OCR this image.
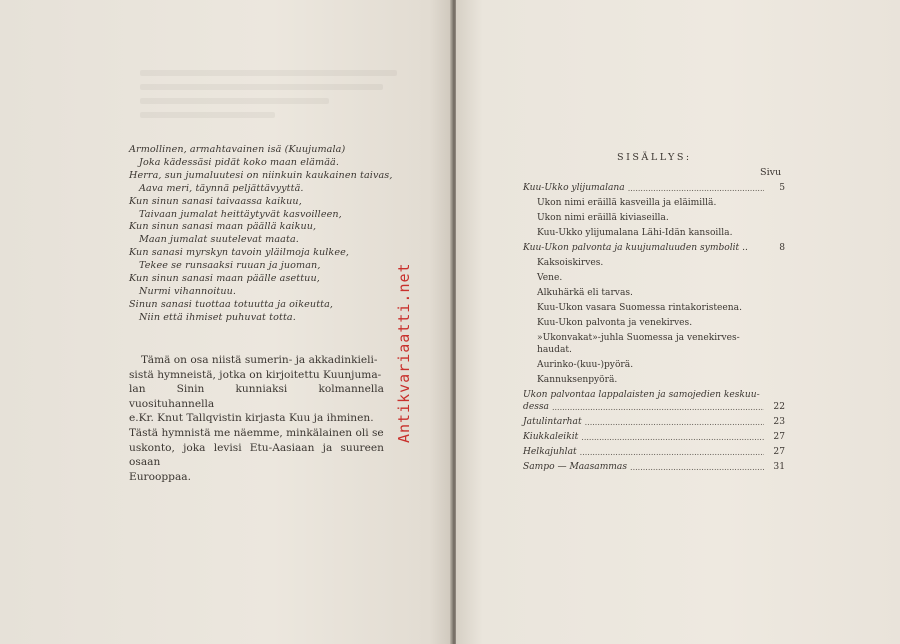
Armollinen, armahtavainen isä (Kuujumala)
Joka kädessäsi pidät koko maan elämää.
Herra, sun jumaluutesi on niinkuin kaukainen taivas,
Aava meri, täynnä peljättävyyttä.
Kun sinun sanasi taivaassa kaikuu,
Taivaan jumalat heittäytyvät kasvoilleen,
Kun sinun sanasi maan päällä kaikuu,
Maan jumalat suutelevat maata.
Kun sanasi myrskyn tavoin yläilmoja kulkee,
Tekee se runsaaksi ruuan ja juoman,
Kun sinun sanasi maan päälle asettuu,
Nurmi vihannoituu.
Sinun sanasi tuottaa totuutta ja oikeutta,
Niin että ihmiset puhuvat totta.
Tämä on osa niistä sumerin- ja akkadinkieli-
sistä hymneistä, jotka on kirjoitettu Kuunjuma-
lan Sinin kunniaksi kolmannella vuosituhannella
e.Kr. Knut Tallqvistin kirjasta Kuu ja ihminen.
Tästä hymnistä me näemme, minkälainen oli se
uskonto, joka levisi Etu-Aasiaan ja suureen osaan
Eurooppaa.
Antikvariaatti.net
SISÄLLYS:
Sivu
Kuu-Ukko ylijumalana .....	5
Ukon nimi eräillä kasveilla ja eläimillä.
Ukon nimi eräillä kiviaseilla.
Kuu-Ukko ylijumalana Lähi-Idän kansoilla.
Kuu-Ukon palvonta ja kuujumaluuden symbolit ..	8
Kaksoiskirves.
Vene.
Alkuhärkä eli tarvas.
Kuu-Ukon vasara Suomessa rintakoristeena.
Kuu-Ukon palvonta ja venekirves.
»Ukonvakat»-juhla Suomessa ja venekirves-
haudat.
Aurinko-(kuu-)pyörä.
Kannuksenpyörä.
Ukon palvontaa lappalaisten ja samojedien keskuu-
dessa .....	22
Jatulintarhat .....	23
Kiukkaleikit .....	27
Helkajuhlat .....	27
Sampo — Maasammas .....	31
